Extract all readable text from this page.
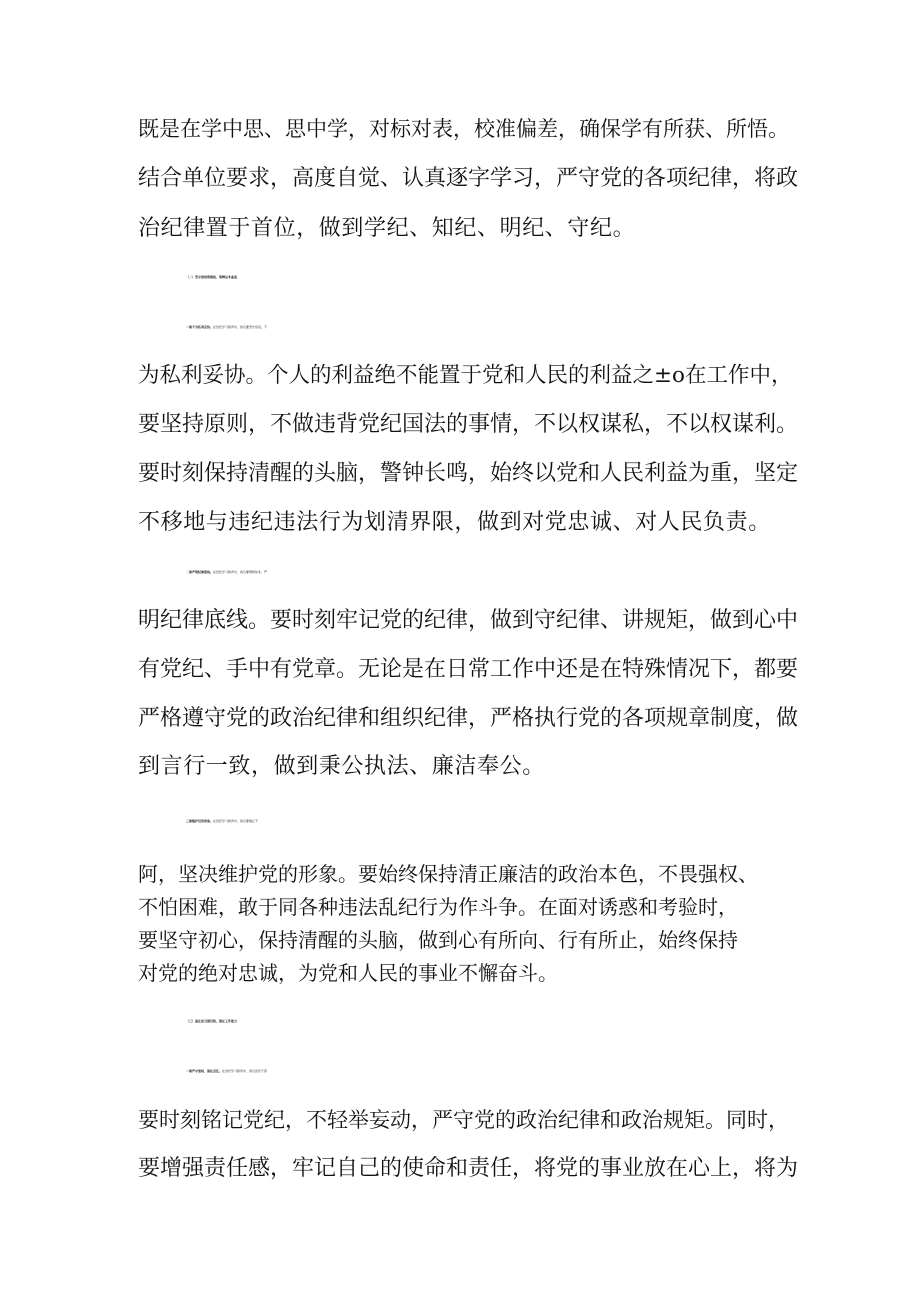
既是在学中思、思中学，对标对表，校准偏差，确保学有所获、所悟。
结合单位要求，高度自觉、认真逐字学习，严守党的各项纪律，将政
治纪律置于首位，做到学纪、知纪、明纪、守纪。
（二）坚守底线明规矩，明辨是非曲直
一要不为私利妥协。在党纪学习教育中，我们要坚守底线，不
为私利妥协。个人的利益绝不能置于党和人民的利益之±o在工作中，
要坚持原则，不做违背党纪国法的事情，不以权谋私，不以权谋利。
要时刻保持清醒的头脑，警钟长鸣，始终以党和人民利益为重，坚定
不移地与违纪违法行为划清界限，做到对党忠诚、对人民负责。
二要严明纪律底线。在党纪学习教育中，我们要明辨是非，严
明纪律底线。要时刻牢记党的纪律，做到守纪律、讲规矩，做到心中
有党纪、手中有党章。无论是在日常工作中还是在特殊情况下，都要
严格遵守党的政治纪律和组织纪律，严格执行党的各项规章制度，做
到言行一致，做到秉公执法、廉洁奉公。
三要维护党的形象。在党纪学习教育中，我们要刚正不
阿，坚决维护党的形象。要始终保持清正廉洁的政治本色，不畏强权、
不怕困难，敢于同各种违法乱纪行为作斗争。在面对诱惑和考验时，
要坚守初心，保持清醒的头脑，做到心有所向、行有所止，始终保持
对党的绝对忠诚，为党和人民的事业不懈奋斗。
（三）重在担当强党性，强在工作能力
一要严守底线、强化责任。在党纪学习教育中，我们党员干部
要时刻铭记党纪，不轻举妄动，严守党的政治纪律和政治规矩。同时，
要增强责任感，牢记自己的使命和责任，将党的事业放在心上，将为
